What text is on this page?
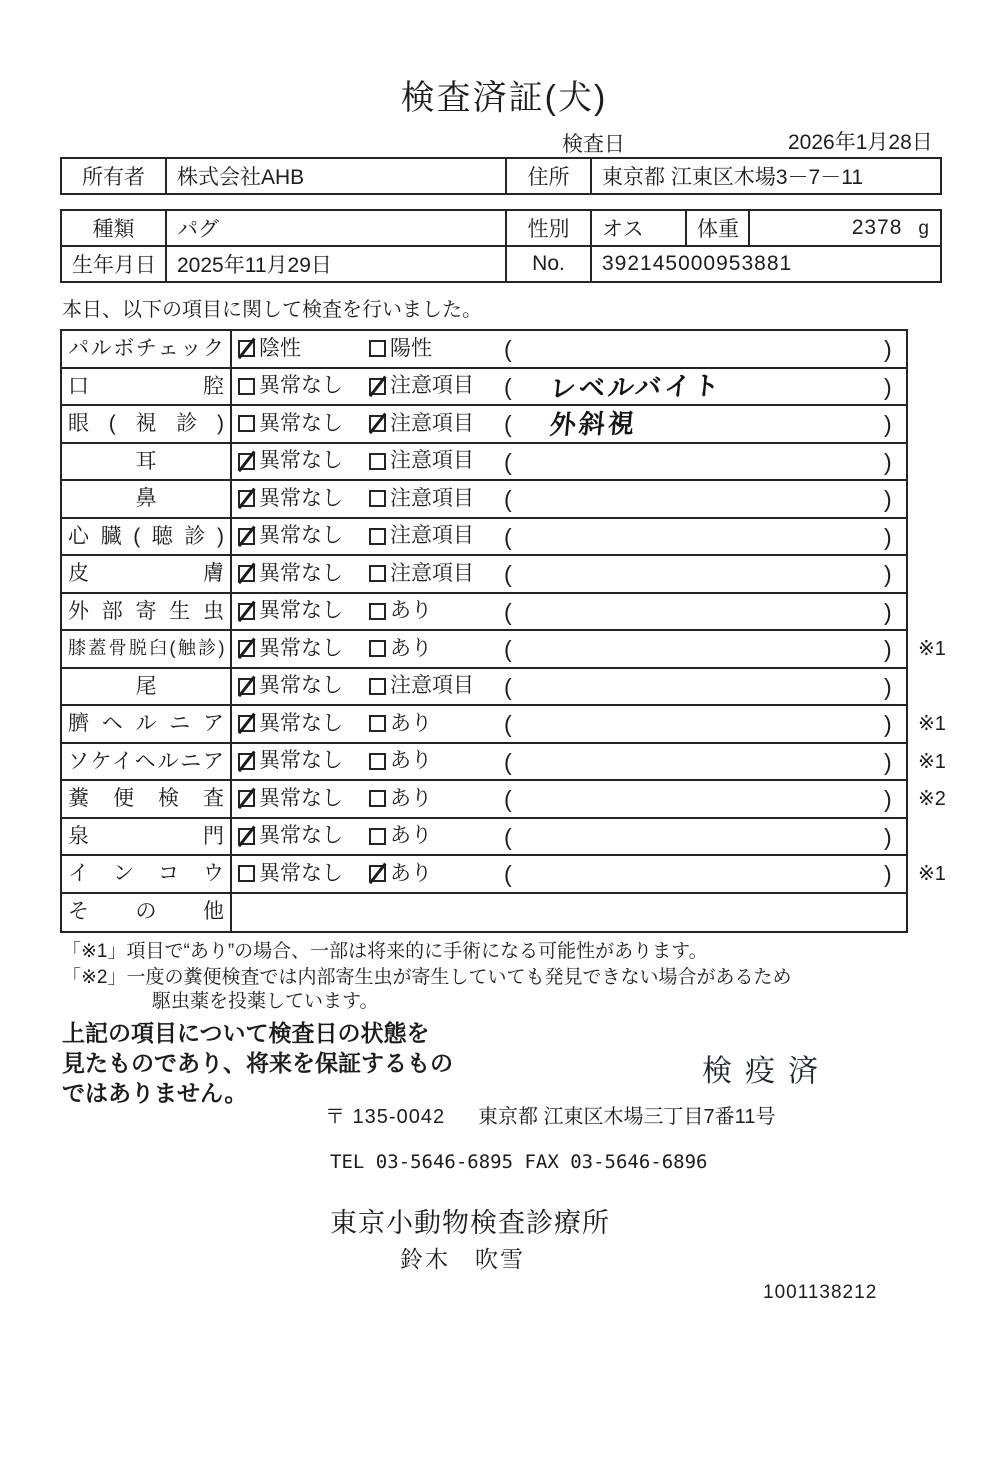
検査済証(犬)
検査日	2026年1月28日
所有者	株式会社AHB	住所	東京都 江東区木場3－7－11
種類	パグ	性別	オス	体重	2378 g
生年月日	2025年11月29日	No.	392145000953881		
本日、以下の項目に関して検査を行いました。
パルボチェック	陰性	陽性	(	)
口腔	異常なし 注意項目 ( レベルバイト	)
眼(視診)	異常なし 注意項目 ( 外斜視	)
耳	異常なし 注意項目 (	)
鼻	異常なし 注意項目 (	)
心臓(聴診)	異常なし 注意項目 (	)
皮膚	異常なし 注意項目 (	)
外部寄生虫	異常なし あり	(	)
膝蓋骨脱臼(触診)	異常なし あり	(	) ※1
尾	異常なし 注意項目 (	)
臍ヘルニア	異常なし あり	(	) ※1
ソケイヘルニア	異常なし あり	(	) ※1
糞便検査	異常なし あり	(	) ※2
泉門	異常なし あり	(	)
インコウ	異常なし あり	(	) ※1
その他
「※1」項目で“あり”の場合、一部は将来的に手術になる可能性があります。
「※2」一度の糞便検査では内部寄生虫が寄生していても発見できない場合があるため
駆虫薬を投薬しています。
上記の項目について検査日の状態を
見たものであり、将来を保証するもの
ではありません。
検疫済
〒 135-0042 東京都 江東区木場三丁目7番11号
TEL 03-5646-6895 FAX 03-5646-6896
東京小動物検査診療所
鈴木　吹雪
1001138212
